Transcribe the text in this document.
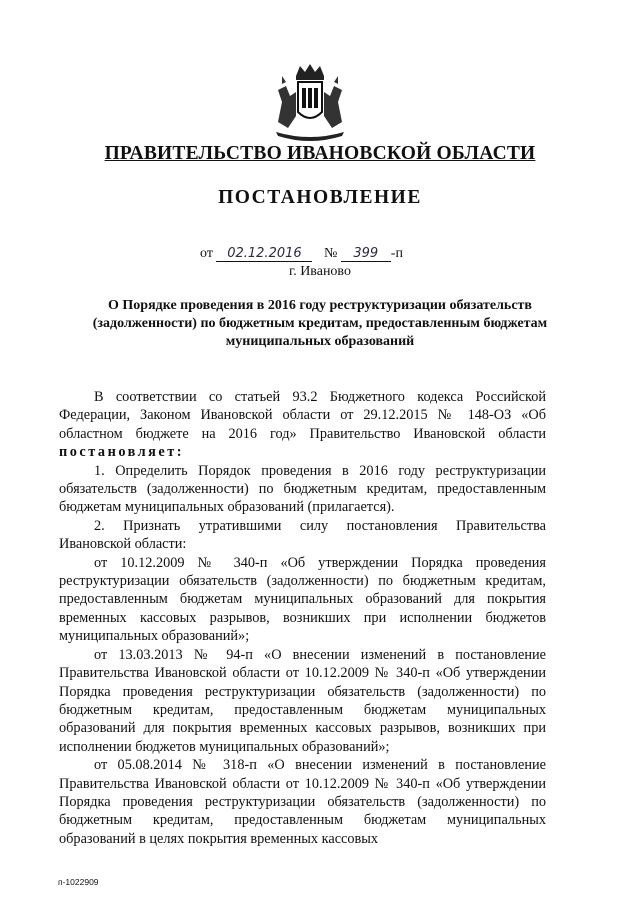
ПРАВИТЕЛЬСТВО ИВАНОВСКОЙ ОБЛАСТИ
ПОСТАНОВЛЕНИЕ
от 02.12.2016 № 399 -п
г. Иваново
О Порядке проведения в 2016 году реструктуризации обязательств (задолженности) по бюджетным кредитам, предоставленным бюджетам муниципальных образований

В соответствии со статьей 93.2 Бюджетного кодекса Российской Федерации, Законом Ивановской области от 29.12.2015 № 148-ОЗ «Об областном бюджете на 2016 год» Правительство Ивановской области постановляет:

1. Определить Порядок проведения в 2016 году реструктуризации обязательств (задолженности) по бюджетным кредитам, предоставленным бюджетам муниципальных образований (прилагается).

2. Признать утратившими силу постановления Правительства Ивановской области:

от 10.12.2009 № 340-п «Об утверждении Порядка проведения реструктуризации обязательств (задолженности) по бюджетным кредитам, предоставленным бюджетам муниципальных образований для покрытия временных кассовых разрывов, возникших при исполнении бюджетов муниципальных образований»;

от 13.03.2013 № 94-п «О внесении изменений в постановление Правительства Ивановской области от 10.12.2009 № 340-п «Об утверждении Порядка проведения реструктуризации обязательств (задолженности) по бюджетным кредитам, предоставленным бюджетам муниципальных образований для покрытия временных кассовых разрывов, возникших при исполнении бюджетов муниципальных образований»;

от 05.08.2014 № 318-п «О внесении изменений в постановление Правительства Ивановской области от 10.12.2009 № 340-п «Об утверждении Порядка проведения реструктуризации обязательств (задолженности) по бюджетным кредитам, предоставленным бюджетам муниципальных образований в целях покрытия временных кассовых

п-1022909
